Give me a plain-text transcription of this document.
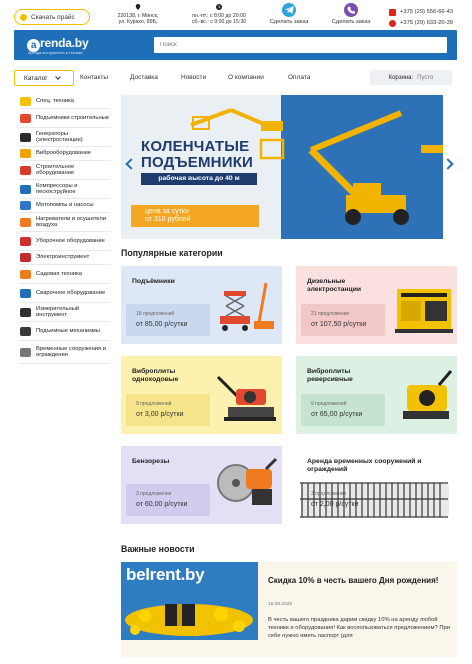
Скачать прайс	220138, г. Минск,
ул. Курахо, 89Б,
пн.-пт.: с 8:00 до 20:00
сб.-вс.: с 9:00 до 15:30	Сделать заказ	Сделать заказ
+375 (29) 556-66-43
+375 (29) 633-20-39
a renda.by
Аренда инструмента и техники
Поиск
Каталог	Контакты	Доставка	Новости	О компании	Оплата	Корзина: Пусто
Спец. техника
Подъемники строительные
Генераторы (электростанции)
Виброоборудование
Строительное оборудование
Компрессоры и пескоструйное
Мотопомпы и насосы
Нагреватели и осушители воздуха
Уборочное оборудование
Электроинструмент
Садовая техника
Сварочное оборудование
Измерительный инструмент
Подъемные механизмы
Временные сооружения и ограждения
КОЛЕНЧАТЫЕ
ПОДЪЕМНИКИ
рабочая высота до 40 м
цена за сутки
от 310 рублей
Популярные категории
Подъёмники
18 предложений
от 85,00 р/сутки
Дизельные электростанции
21 предложение
от 107,50 р/сутки
Виброплиты одноходовые
9 предложений
от 3,00 р/сутки
Виброплиты реверсивные
9 предложений
от 65,00 р/сутки
Бензорезы
3 предложения
от 60,00 р/сутки
Аренда временных сооружений и ограждений
3 предложения
от 2,00 р/сутки
Важные новости
belrent.by	Скидка 10% в честь вашего Дня рождения!
15.08.2025
В честь вашего праздника дарим скидку 10% на аренду любой техники и оборудования! Как воспользоваться предложением? При себе нужно иметь паспорт (для
